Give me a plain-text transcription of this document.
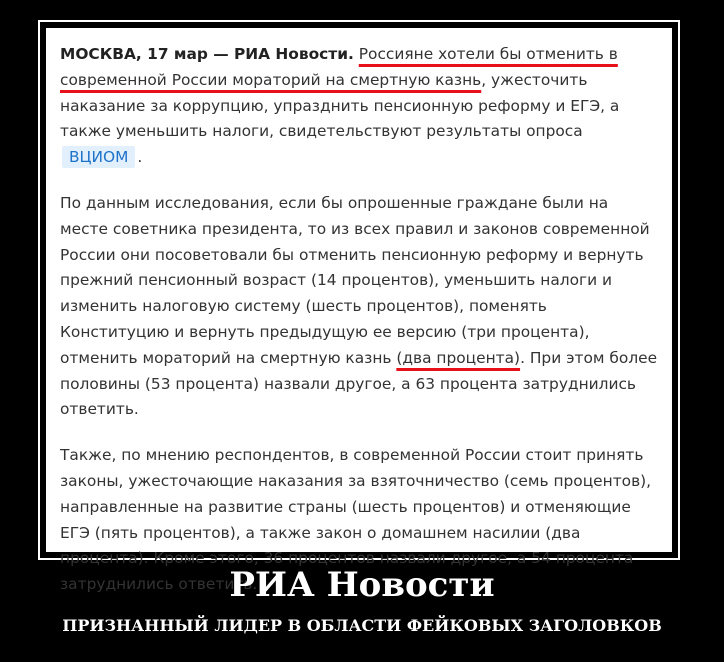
МОСКВА, 17 мар — РИА Новости. Россияне хотели бы отменить в современной России мораторий на смертную казнь, ужесточить наказание за коррупцию, упразднить пенсионную реформу и ЕГЭ, а также уменьшить налоги, свидетельствуют результаты опроса ВЦИОМ .

По данным исследования, если бы опрошенные граждане были на месте советника президента, то из всех правил и законов современной России они посоветовали бы отменить пенсионную реформу и вернуть прежний пенсионный возраст (14 процентов), уменьшить налоги и изменить налоговую систему (шесть процентов), поменять Конституцию и вернуть предыдущую ее версию (три процента), отменить мораторий на смертную казнь (два процента). При этом более половины (53 процента) назвали другое, а 63 процента затруднились ответить.

Также, по мнению респондентов, в современной России стоит принять законы, ужесточающие наказания за взяточничество (семь процентов), направленные на развитие страны (шесть процентов) и отменяющие ЕГЭ (пять процентов), а также закон о домашнем насилии (два процента). Кроме этого, 36 процентов назвали другое, а 54 процента затруднились ответить.

РИА Новости
ПРИЗНАННЫЙ ЛИДЕР В ОБЛАСТИ ФЕЙКОВЫХ ЗАГОЛОВКОВ
